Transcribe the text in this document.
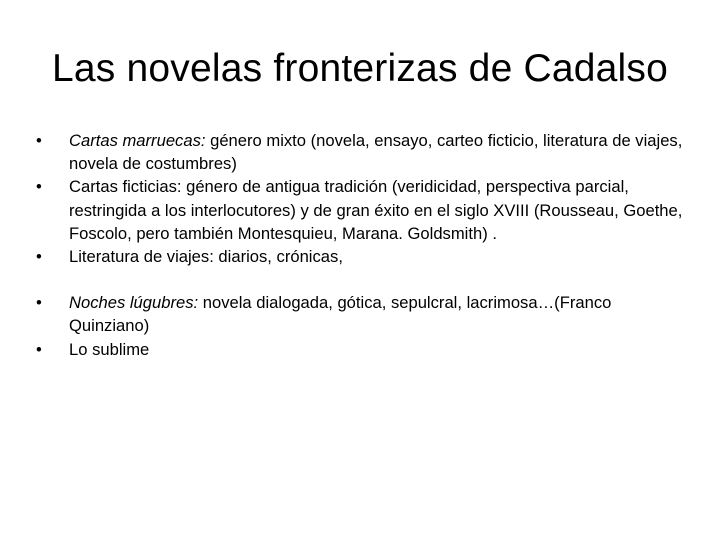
Las novelas fronterizas de Cadalso
•	Cartas marruecas: género mixto (novela, ensayo, carteo ficticio, literatura de viajes, novela de costumbres)
•	Cartas ficticias: género de antigua tradición (veridicidad, perspectiva parcial, restringida a los interlocutores) y de gran éxito en el siglo XVIII (Rousseau, Goethe, Foscolo, pero también Montesquieu, Marana. Goldsmith) .
•	Literatura de viajes: diarios, crónicas,
•	Noches lúgubres: novela dialogada, gótica, sepulcral, lacrimosa…(Franco Quinziano)
•	Lo sublime
